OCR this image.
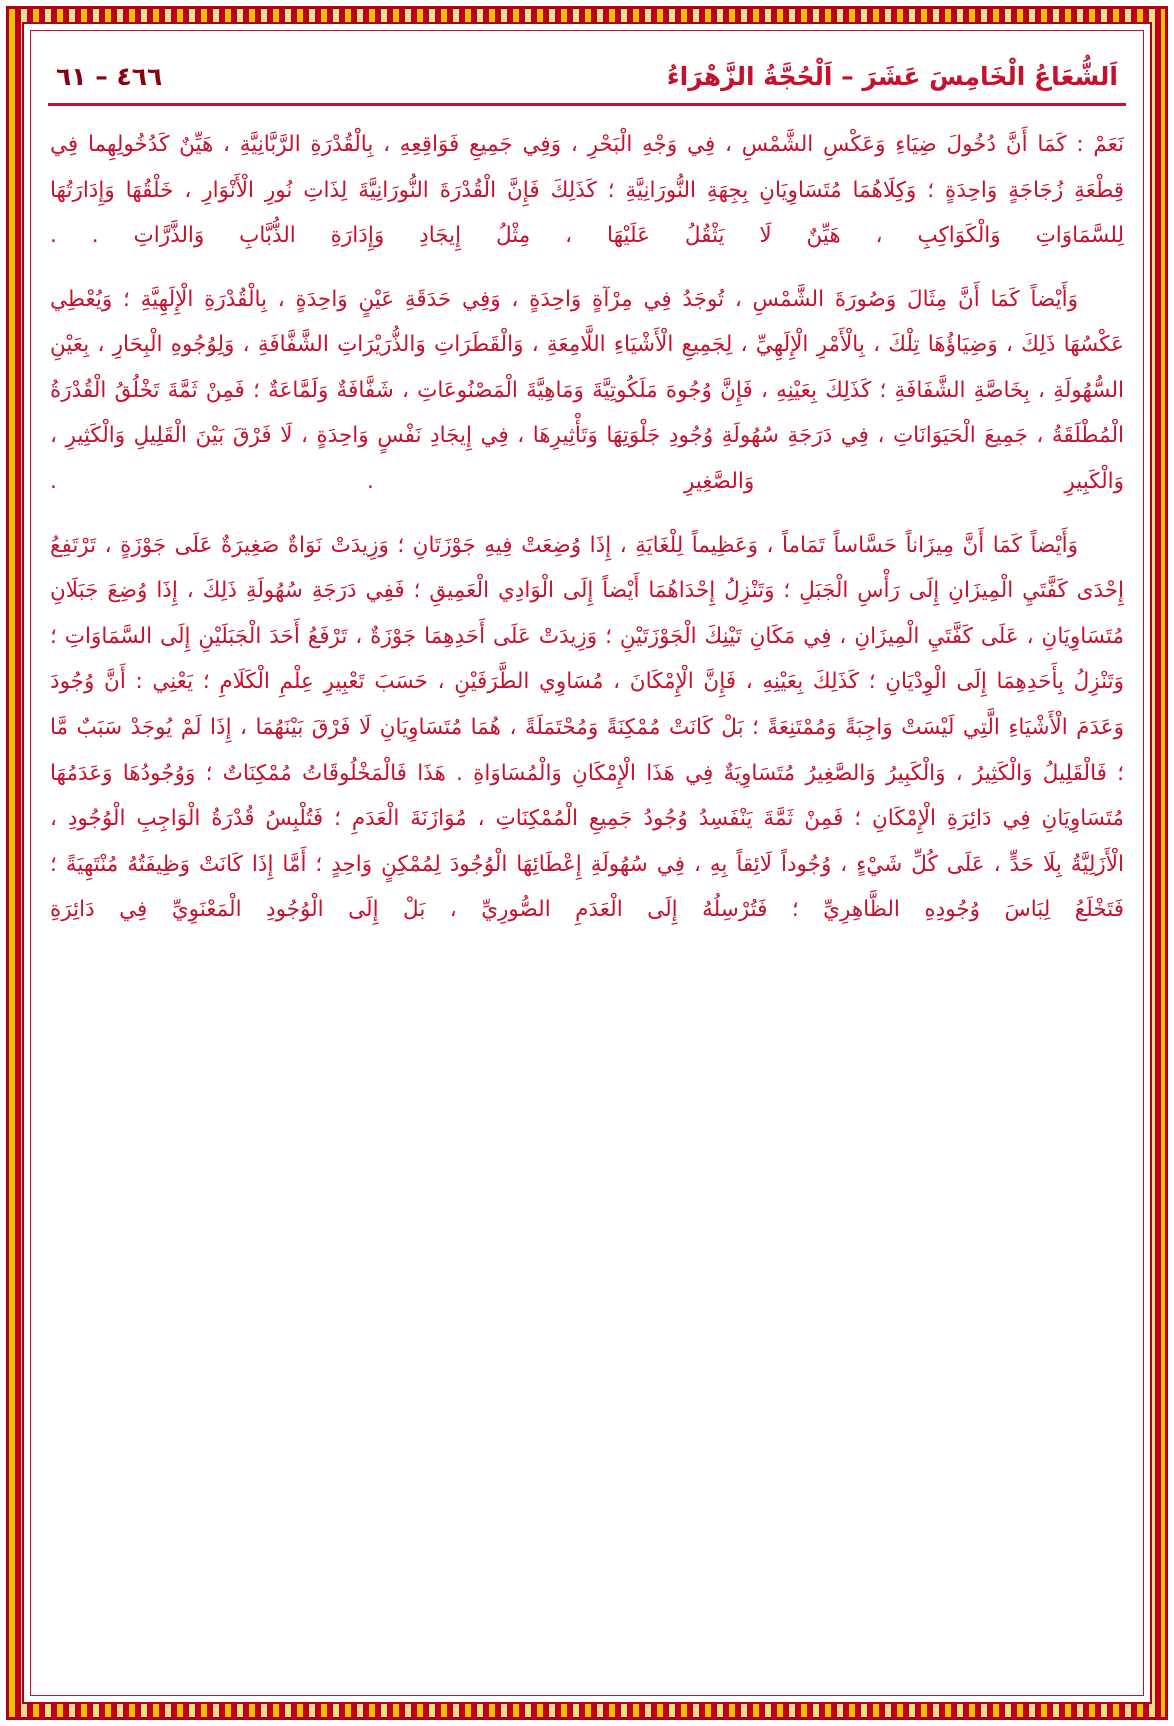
اَلشُّعَاعُ الْخَامِسَ عَشَرَ – اَلْحُجَّةُ الزَّهْرَاءُ
٤٦٦ – ٦١

نَعَمْ : كَمَا أَنَّ دُخُولَ ضِيَاءِ وَعَكْسِ الشَّمْسِ ، فِي وَجْهِ الْبَحْرِ ، وَفِي جَمِيعِ فَوَاقِعِهِ ، بِالْقُدْرَةِ الرَّبَّانِيَّةِ ، هَيِّنٌ كَدُخُولِهِما فِي قِطْعَةِ زُجَاجَةٍ وَاحِدَةٍ ؛ وَكِلَاهُمَا مُتَسَاوِيَانِ بِجِهَةِ النُّورَانِيَّةِ ؛ كَذَلِكَ فَإِنَّ الْقُدْرَةَ النُّورَانِيَّةَ لِذَاتِ نُورِ الْأَنْوَارِ ، خَلْقُهَا وَإِدَارَتُهَا لِلسَّمَاوَاتِ وَالْكَوَاكِبِ ، هَيِّنٌ لَا يَثْقُلُ عَلَيْهَا ، مِثْلُ إِيجَادِ وَإِدَارَةِ الذُّبَّابِ وَالذَّرَّاتِ . .

وَأَيْضاً كَمَا أَنَّ مِثَالَ وَصُورَةَ الشَّمْسِ ، تُوجَدُ فِي مِرْآةٍ وَاحِدَةٍ ، وَفِي حَدَقَةِ عَيْنٍ وَاحِدَةٍ ، بِالْقُدْرَةِ الْإِلَهِيَّةِ ؛ وَيُعْطِي عَكْسُهَا ذَلِكَ ، وَضِيَاؤُهَا تِلْكَ ، بِالْأَمْرِ الْإِلَهِيِّ ، لِجَمِيعِ الْأَشْيَاءِ اللَّامِعَةِ ، وَالْقَطَرَاتِ وَالذُّرَيْرَاتِ الشَّفَّافَةِ ، وَلِوُجُوهِ الْبِحَارِ ، بِعَيْنِ السُّهُولَةِ ، بِخَاصَّةِ الشَّفَافَةِ ؛ كَذَلِكَ بِعَيْنِهِ ، فَإِنَّ وُجُوهَ مَلَكُوتِيَّةَ وَمَاهِيَّةَ الْمَصْنُوعَاتِ ، شَفَّافَةٌ وَلَمَّاعَةٌ ؛ فَمِنْ ثَمَّةَ تَخْلُقُ الْقُدْرَةُ الْمُطْلَقَةُ ، جَمِيعَ الْحَيَوَانَاتِ ، فِي دَرَجَةِ سُهُولَةِ وُجُودِ جَلْوَتِهَا وَتَأْثِيرِهَا ، فِي إِيجَادِ نَفْسٍ وَاحِدَةٍ ، لَا فَرْقَ بَيْنَ الْقَلِيلِ وَالْكَثِيرِ ، وَالْكَبِيرِ وَالصَّغِيرِ . .

وَأَيْضاً كَمَا أَنَّ مِيزَاناً حَسَّاساً تَمَاماً ، وَعَظِيماً لِلْغَايَةِ ، إِذَا وُضِعَتْ فِيهِ جَوْزَتَانِ ؛ وَزِيدَتْ نَوَاةٌ صَغِيرَةٌ عَلَى جَوْزَةٍ ، تَرْتَفِعُ إِحْدَى كَفَّتَيِ الْمِيزَانِ إِلَى رَأْسِ الْجَبَلِ ؛ وَتَنْزِلُ إِحْدَاهُمَا أَيْضاً إِلَى الْوَادِي الْعَمِيقِ ؛ فَفِي دَرَجَةِ سُهُولَةِ ذَلِكَ ، إِذَا وُضِعَ جَبَلَانِ مُتَسَاوِيَانِ ، عَلَى كَفَّتَيِ الْمِيزَانِ ، فِي مَكَانِ تَيْنِكَ الْجَوْزَتَيْنِ ؛ وَزِيدَتْ عَلَى أَحَدِهِمَا جَوْزَةٌ ، تَرْفَعُ أَحَدَ الْجَبَلَيْنِ إِلَى السَّمَاوَاتِ ؛ وَتَنْزِلُ بِأَحَدِهِمَا إِلَى الْوِدْيَانِ ؛ كَذَلِكَ بِعَيْنِهِ ، فَإِنَّ الْإِمْكَانَ ، مُسَاوِي الطَّرَفَيْنِ ، حَسَبَ تَعْبِيرِ عِلْمِ الْكَلَامِ ؛ يَعْنِي : أَنَّ وُجُودَ وَعَدَمَ الْأَشْيَاءِ الَّتِي لَيْسَتْ وَاجِبَةً وَمُمْتَنِعَةً ؛ بَلْ كَانَتْ مُمْكِنَةً وَمُحْتَمَلَةً ، هُمَا مُتَسَاوِيَانِ لَا فَرْقَ بَيْنَهُمَا ، إِذَا لَمْ يُوجَدْ سَبَبٌ مَّا ؛ فَالْقَلِيلُ وَالْكَثِيرُ ، وَالْكَبِيرُ وَالصَّغِيرُ مُتَسَاوِيَةٌ فِي هَذَا الْإِمْكَانِ وَالْمُسَاوَاةِ . هَذَا فَالْمَخْلُوقَاتُ مُمْكِنَاتٌ ؛ وَوُجُودُهَا وَعَدَمُهَا مُتَسَاوِيَانِ فِي دَائِرَةِ الْإِمْكَانِ ؛ فَمِنْ ثَمَّةَ يَنْفَسِدُ وُجُودُ جَمِيعِ الْمُمْكِنَاتِ ، مُوَازَنَةَ الْعَدَمِ ؛ فَتُلْبِسُ قُدْرَةُ الْوَاجِبِ الْوُجُودِ ، الْأَزَلِيَّةُ بِلَا حَدٍّ ، عَلَى كُلِّ شَيْءٍ ، وُجُوداً لَائِقاً بِهِ ، فِي سُهُولَةِ إِعْطَائِهَا الْوُجُودَ لِمُمْكِنٍ وَاحِدٍ ؛ أَمَّا إِذَا كَانَتْ وَظِيفَتُهُ مُنْتَهِيَةً ؛ فَتَخْلَعُ لِبَاسَ وُجُودِهِ الظَّاهِرِيِّ ؛ فَتُرْسِلُهُ إِلَى الْعَدَمِ الصُّورِيِّ ، بَلْ إِلَى الْوُجُودِ الْمَعْنَوِيِّ فِي دَائِرَةِ
